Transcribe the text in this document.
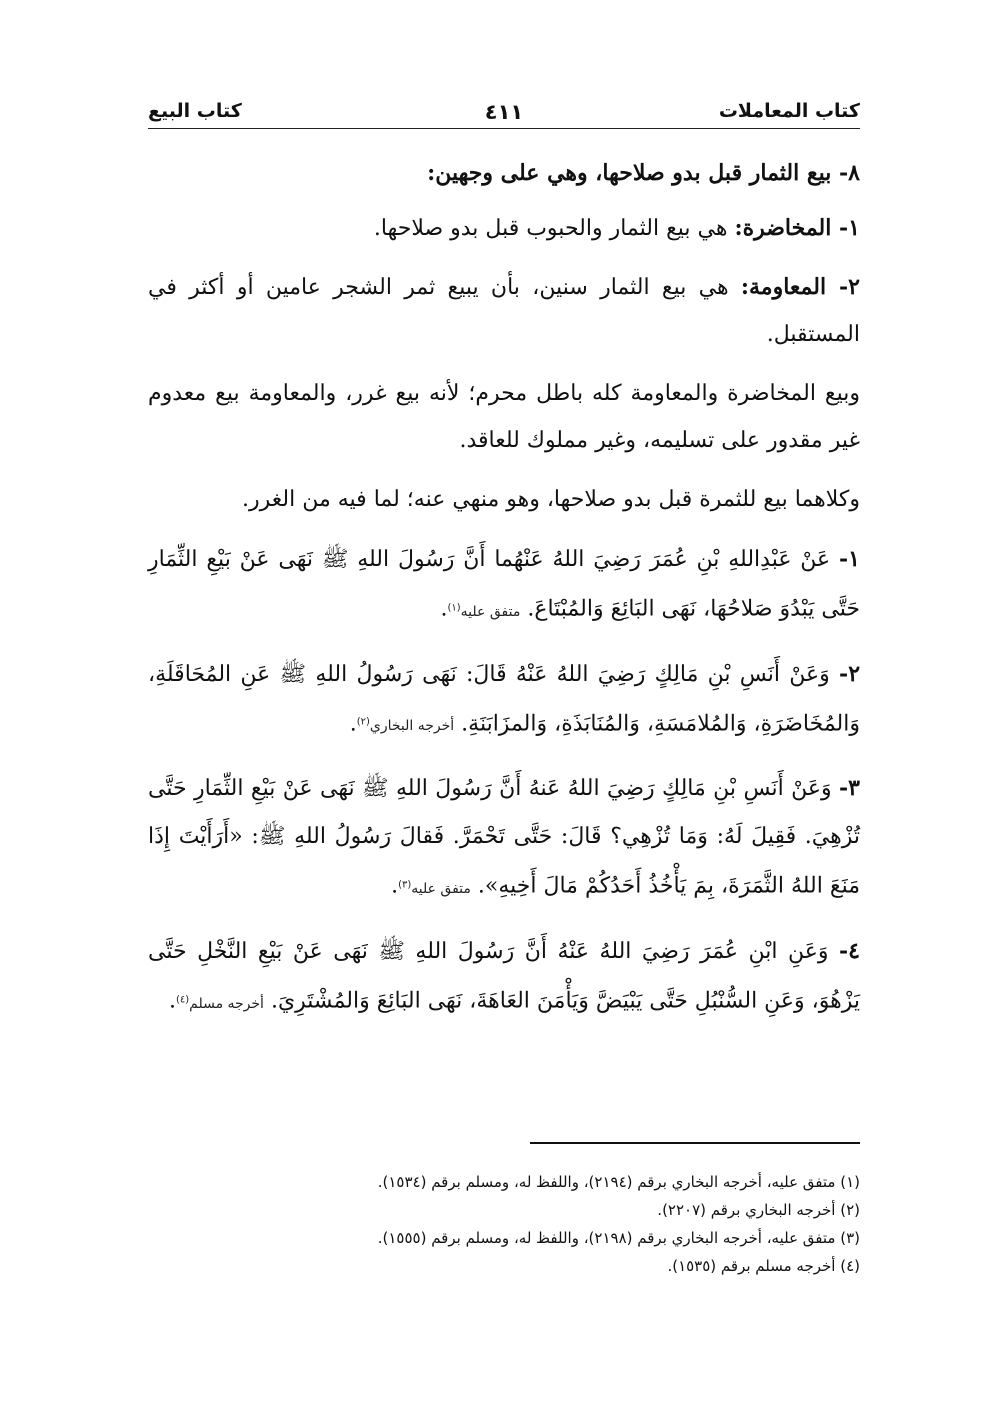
كتاب المعاملات
٤١١
كتاب البيع

٨- بيع الثمار قبل بدو صلاحها، وهي على وجهين:

١- المخاضرة: هي بيع الثمار والحبوب قبل بدو صلاحها.

٢- المعاومة: هي بيع الثمار سنين، بأن يبيع ثمر الشجر عامين أو أكثر في المستقبل.

وبيع المخاضرة والمعاومة كله باطل محرم؛ لأنه بيع غرر، والمعاومة بيع معدوم غير مقدور على تسليمه، وغير مملوك للعاقد.

وكلاهما بيع للثمرة قبل بدو صلاحها، وهو منهي عنه؛ لما فيه من الغرر.

١- عَنْ عَبْدِاللهِ بْنِ عُمَرَ رَضِيَ اللهُ عَنْهُما أَنَّ رَسُولَ اللهِ ﷺ نَهَى عَنْ بَيْعِ الثِّمَارِ حَتَّى يَبْدُوَ صَلاحُهَا، نَهَى البَائِعَ وَالمُبْتَاعَ. متفق عليه$^{(١)}$.

٢- وَعَنْ أَنَسِ بْنِ مَالِكٍ رَضِيَ اللهُ عَنْهُ قَالَ: نَهَى رَسُولُ اللهِ ﷺ عَنِ المُحَاقَلَةِ، وَالمُخَاضَرَةِ، وَالمُلامَسَةِ، وَالمُنَابَذَةِ، وَالمزَابَنَةِ. أخرجه البخاري$^{(٢)}$.

٣- وَعَنْ أَنَسِ بْنِ مَالِكٍ رَضِيَ اللهُ عَنهُ أَنَّ رَسُولَ اللهِ ﷺ نَهَى عَنْ بَيْعِ الثِّمَارِ حَتَّى تُزْهِيَ. فَقِيلَ لَهُ: وَمَا تُزْهِي؟ قَالَ: حَتَّى تَحْمَرَّ. فَقالَ رَسُولُ اللهِ ﷺ: «أَرَأَيْتَ إِذَا مَنَعَ اللهُ الثَّمَرَةَ، بِمَ يَأْخُذُ أَحَدُكُمْ مَالَ أَخِيهِ». متفق عليه$^{(٣)}$.

٤- وَعَنِ ابْنِ عُمَرَ رَضِيَ اللهُ عَنْهُ أَنَّ رَسُولَ اللهِ ﷺ نَهَى عَنْ بَيْعِ النَّخْلِ حَتَّى يَزْهُوَ، وَعَنِ السُّنْبُلِ حَتَّى يَبْيَضَّ وَيَأْمَنَ العَاهَةَ، نَهَى البَائِعَ وَالمُشْتَرِيَ. أخرجه مسلم$^{(٤)}$.

(١) متفق عليه، أخرجه البخاري برقم (٢١٩٤)، واللفظ له، ومسلم برقم (١٥٣٤).
(٢) أخرجه البخاري برقم (٢٢٠٧).
(٣) متفق عليه، أخرجه البخاري برقم (٢١٩٨)، واللفظ له، ومسلم برقم (١٥٥٥).
(٤) أخرجه مسلم برقم (١٥٣٥).
